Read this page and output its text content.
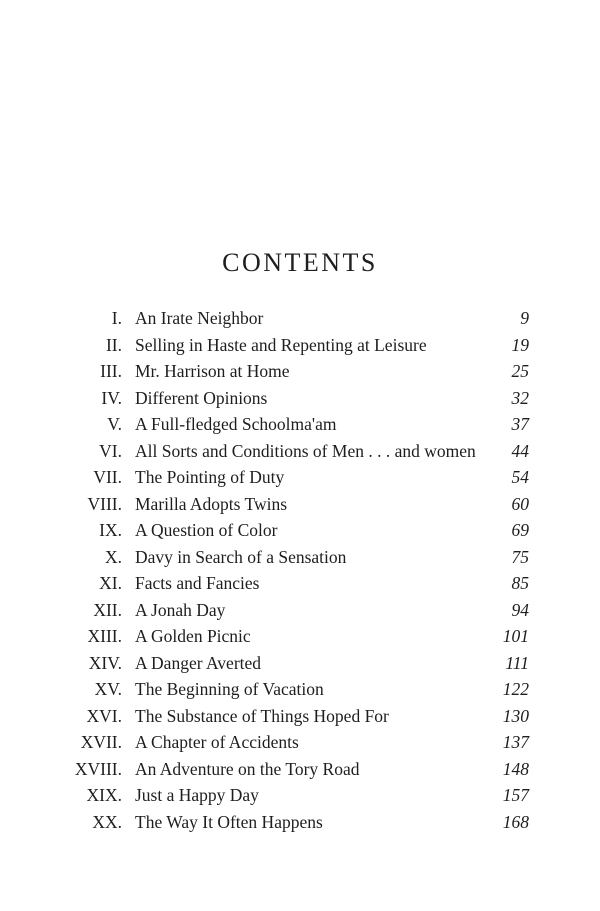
CONTENTS
I. An Irate Neighbor	9
II. Selling in Haste and Repenting at Leisure	19
III. Mr. Harrison at Home	25
IV. Different Opinions	32
V. A Full-fledged Schoolma'am	37
VI. All Sorts and Conditions of Men . . . and women 44
VII. The Pointing of Duty	54
VIII. Marilla Adopts Twins	60
IX. A Question of Color	69
X. Davy in Search of a Sensation	75
XI. Facts and Fancies	85
XII. A Jonah Day	94
XIII. A Golden Picnic	101
XIV. A Danger Averted	111
XV. The Beginning of Vacation	122
XVI. The Substance of Things Hoped For	130
XVII. A Chapter of Accidents	137
XVIII. An Adventure on the Tory Road	148
XIX. Just a Happy Day	157
XX. The Way It Often Happens	168
